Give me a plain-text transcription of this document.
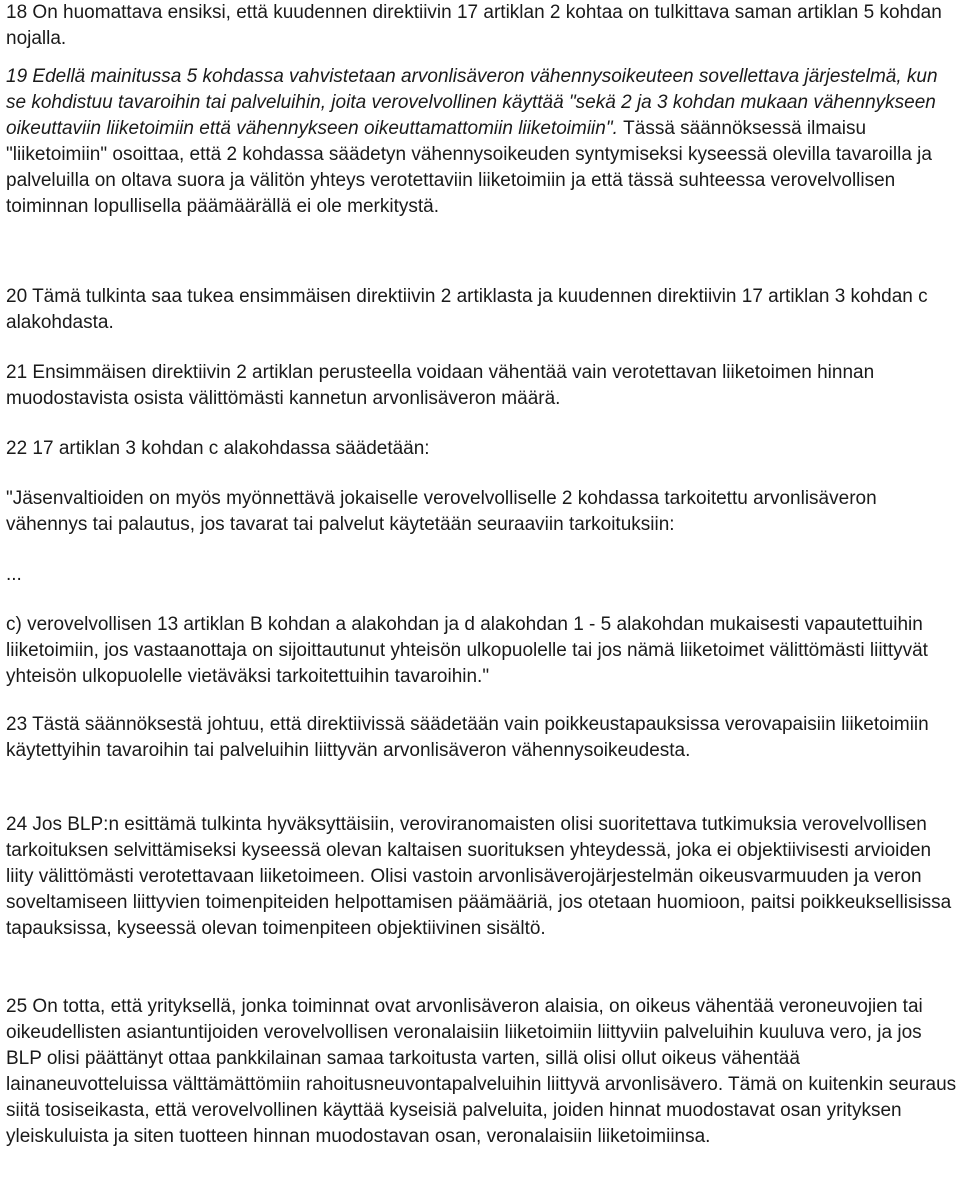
18 On huomattava ensiksi, että kuudennen direktiivin 17 artiklan 2 kohtaa on tulkittava saman artiklan 5 kohdan nojalla.

19 Edellä mainitussa 5 kohdassa vahvistetaan arvonlisäveron vähennysoikeuteen sovellettava järjestelmä, kun se kohdistuu tavaroihin tai palveluihin, joita verovelvollinen käyttää "sekä 2 ja 3 kohdan mukaan vähennykseen oikeuttaviin liiketoimiin että vähennykseen oikeuttamattomiin liiketoimiin". Tässä säännöksessä ilmaisu "liiketoimiin" osoittaa, että 2 kohdassa säädetyn vähennysoikeuden syntymiseksi kyseessä olevilla tavaroilla ja palveluilla on oltava suora ja välitön yhteys verotettaviin liiketoimiin ja että tässä suhteessa verovelvollisen toiminnan lopullisella päämäärällä ei ole merkitystä.

20 Tämä tulkinta saa tukea ensimmäisen direktiivin 2 artiklasta ja kuudennen direktiivin 17 artiklan 3 kohdan c alakohdasta.

21 Ensimmäisen direktiivin 2 artiklan perusteella voidaan vähentää vain verotettavan liiketoimen hinnan muodostavista osista välittömästi kannetun arvonlisäveron määrä.

22 17 artiklan 3 kohdan c alakohdassa säädetään:

"Jäsenvaltioiden on myös myönnettävä jokaiselle verovelvolliselle 2 kohdassa tarkoitettu arvonlisäveron vähennys tai palautus, jos tavarat tai palvelut käytetään seuraaviin tarkoituksiin:

...

c) verovelvollisen 13 artiklan B kohdan a alakohdan ja d alakohdan 1 - 5 alakohdan mukaisesti vapautettuihin liiketoimiin, jos vastaanottaja on sijoittautunut yhteisön ulkopuolelle tai jos nämä liiketoimet välittömästi liittyvät yhteisön ulkopuolelle vietäväksi tarkoitettuihin tavaroihin."

23 Tästä säännöksestä johtuu, että direktiivissä säädetään vain poikkeustapauksissa verovapaisiin liiketoimiin käytettyihin tavaroihin tai palveluihin liittyvän arvonlisäveron vähennysoikeudesta.

24 Jos BLP:n esittämä tulkinta hyväksyttäisiin, veroviranomaisten olisi suoritettava tutkimuksia verovelvollisen tarkoituksen selvittämiseksi kyseessä olevan kaltaisen suorituksen yhteydessä, joka ei objektiivisesti arvioiden liity välittömästi verotettavaan liiketoimeen. Olisi vastoin arvonlisäverojärjestelmän oikeusvarmuuden ja veron soveltamiseen liittyvien toimenpiteiden helpottamisen päämääriä, jos otetaan huomioon, paitsi poikkeuksellisissa tapauksissa, kyseessä olevan toimenpiteen objektiivinen sisältö.

25 On totta, että yrityksellä, jonka toiminnat ovat arvonlisäveron alaisia, on oikeus vähentää veroneuvojien tai oikeudellisten asiantuntijoiden verovelvollisen veronalaisiin liiketoimiin liittyviin palveluihin kuuluva vero, ja jos BLP olisi päättänyt ottaa pankkilainan samaa tarkoitusta varten, sillä olisi ollut oikeus vähentää lainaneuvotteluissa välttämättömiin rahoitusneuvontapalveluihin liittyvä arvonlisävero. Tämä on kuitenkin seuraus siitä tosiseikasta, että verovelvollinen käyttää kyseisiä palveluita, joiden hinnat muodostavat osan yrityksen yleiskuluista ja siten tuotteen hinnan muodostavan osan, veronalaisiin liiketoimiinsa.
